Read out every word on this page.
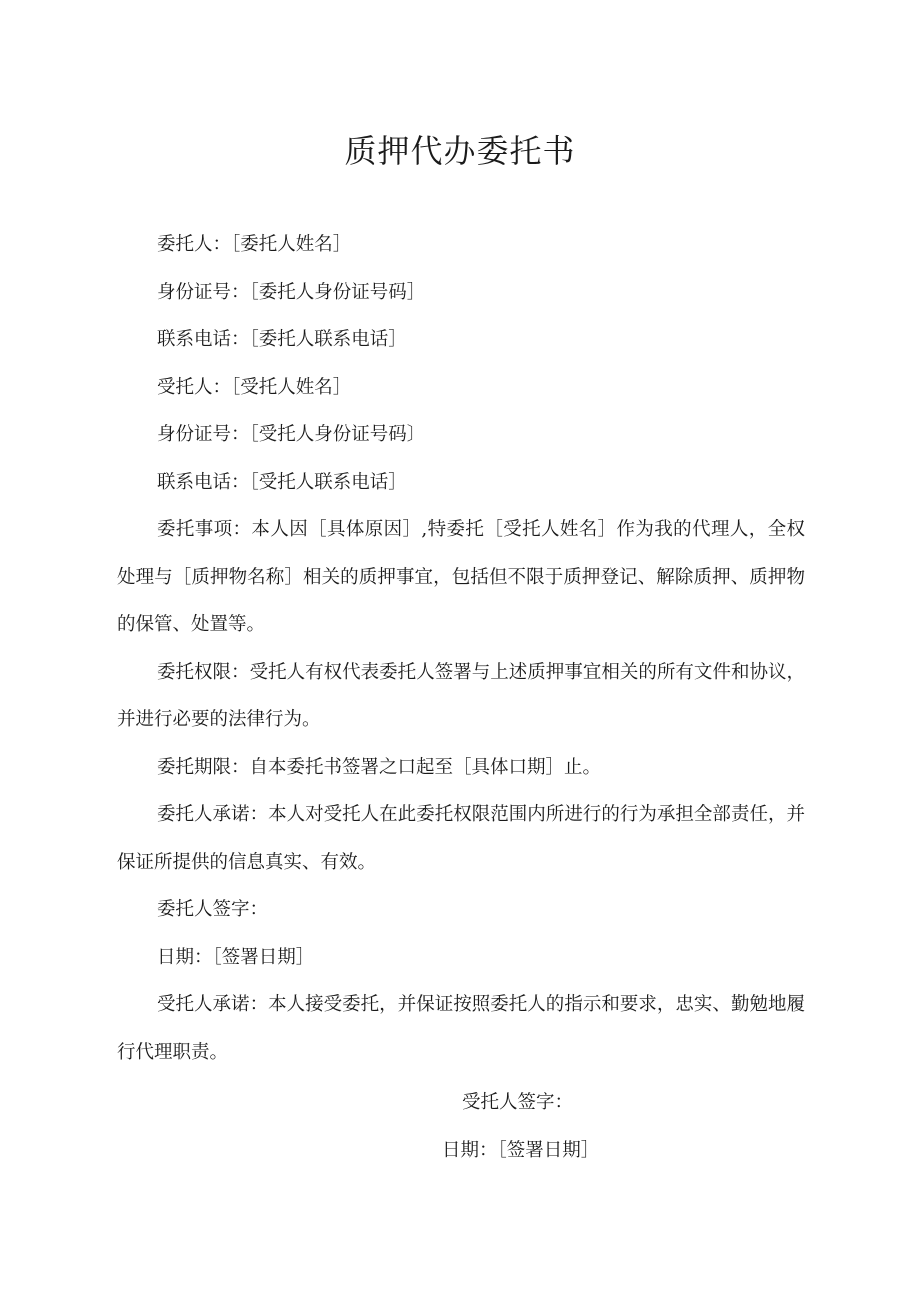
质押代办委托书
委托人：［委托人姓名］
身份证号：［委托人身份证号码］
联系电话：［委托人联系电话］
受托人：［受托人姓名］
身份证号：［受托人身份证号码〕
联系电话：［受托人联系电话］
委托事项：本人因［具体原因］,特委托［受托人姓名］作为我的代理人，全权处理与［质押物名称］相关的质押事宜，包括但不限于质押登记、解除质押、质押物的保管、处置等。
委托权限：受托人有权代表委托人签署与上述质押事宜相关的所有文件和协议，并进行必要的法律行为。
委托期限：自本委托书签署之口起至［具体口期］止。
委托人承诺：本人对受托人在此委托权限范围内所进行的行为承担全部责任，并保证所提供的信息真实、有效。
委托人签字：
日期：［签署日期］
受托人承诺：本人接受委托，并保证按照委托人的指示和要求，忠实、勤勉地履行代理职责。
受托人签字：
日期：［签署日期］
